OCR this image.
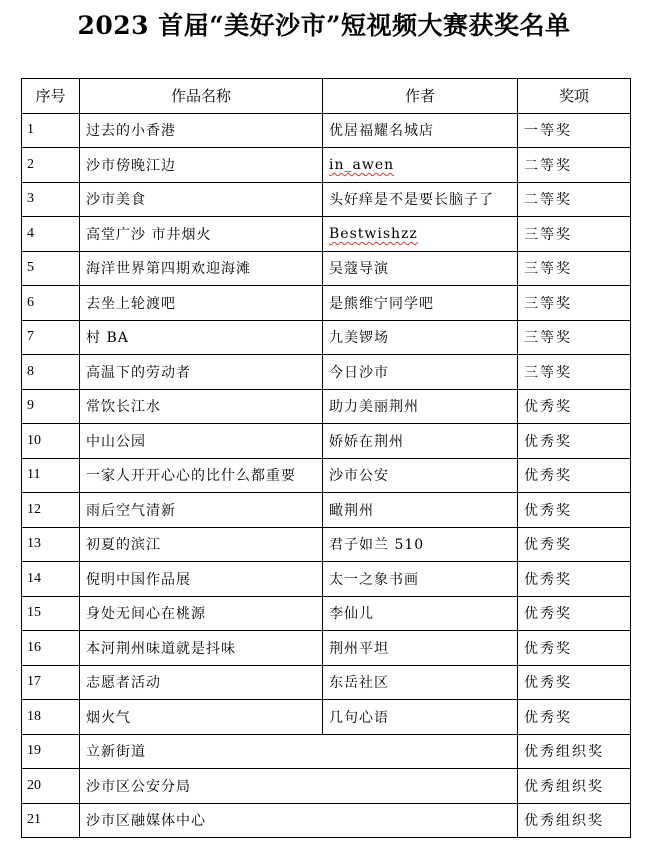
2023 首届“美好沙市”短视频大赛获奖名单
序号	作品名称	作者	奖项
1	过去的小香港	优居福耀名城店	一等奖
2	沙市傍晚江边	in_awen	二等奖
3	沙市美食	头好痒是不是要长脑子了	二等奖
4	高堂广沙 市井烟火	Bestwishzz	三等奖
5	海洋世界第四期欢迎海滩	吴蔻导演	三等奖
6	去坐上轮渡吧	是熊维宁同学吧	三等奖
7	村 BA	九美锣场	三等奖
8	高温下的劳动者	今日沙市	三等奖
9	常饮长江水	助力美丽荆州	优秀奖
10	中山公园	娇娇在荆州	优秀奖
11	一家人开开心心的比什么都重要	沙市公安	优秀奖
12	雨后空气清新	瞰荆州	优秀奖
13	初夏的滨江	君子如兰 510	优秀奖
14	倪明中国作品展	太一之象书画	优秀奖
15	身处无间心在桃源	李仙儿	优秀奖
16	本河荆州味道就是抖味	荆州平坦	优秀奖
17	志愿者活动	东岳社区	优秀奖
18	烟火气	几句心语	优秀奖
19	立新街道		优秀组织奖
20	沙市区公安分局		优秀组织奖
21	沙市区融媒体中心		优秀组织奖
